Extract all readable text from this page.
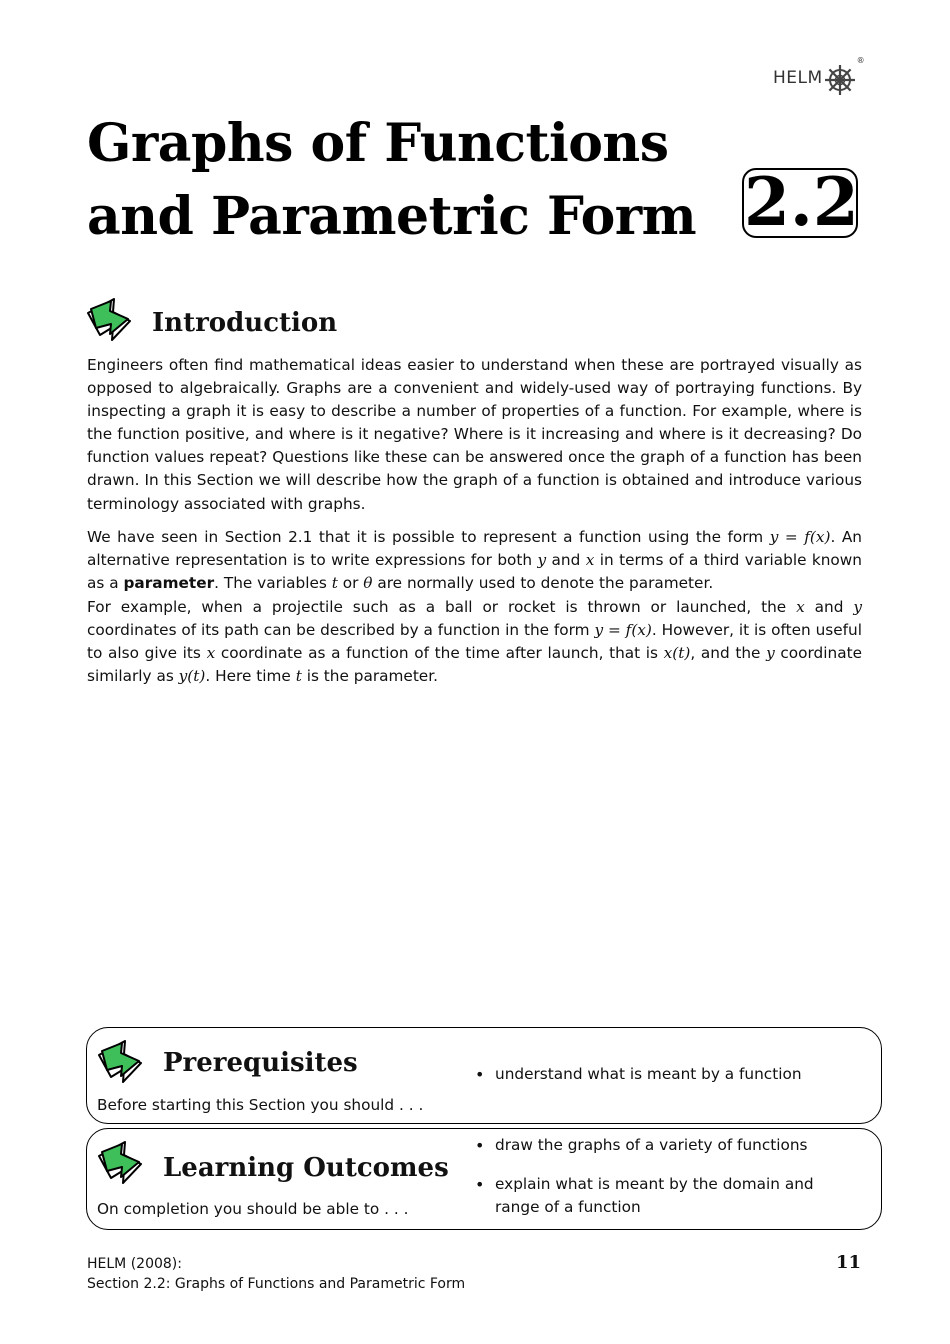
HELM
®
Graphs of Functions
and Parametric Form 2.2
Introduction

Engineers often find mathematical ideas easier to understand when these are portrayed visually as opposed to algebraically. Graphs are a convenient and widely-used way of portraying functions. By inspecting a graph it is easy to describe a number of properties of a function. For example, where is the function positive, and where is it negative? Where is it increasing and where is it decreasing? Do function values repeat? Questions like these can be answered once the graph of a function has been drawn. In this Section we will describe how the graph of a function is obtained and introduce various terminology associated with graphs.

We have seen in Section 2.1 that it is possible to represent a function using the form y = f(x). An alternative representation is to write expressions for both y and x in terms of a third variable known as a parameter. The variables t or θ are normally used to denote the parameter.

For example, when a projectile such as a ball or rocket is thrown or launched, the x and y coordinates of its path can be described by a function in the form y = f(x). However, it is often useful to also give its x coordinate as a function of the time after launch, that is x(t), and the y coordinate similarly as y(t). Here time t is the parameter.

Prerequisites

Before starting this Section you should . . .

• understand what is meant by a function
Learning Outcomes

On completion you should be able to . . .

• draw the graphs of a variety of functions
• explain what is meant by the domain and range of a function
HELM (2008):
Section 2.2: Graphs of Functions and Parametric Form
11
